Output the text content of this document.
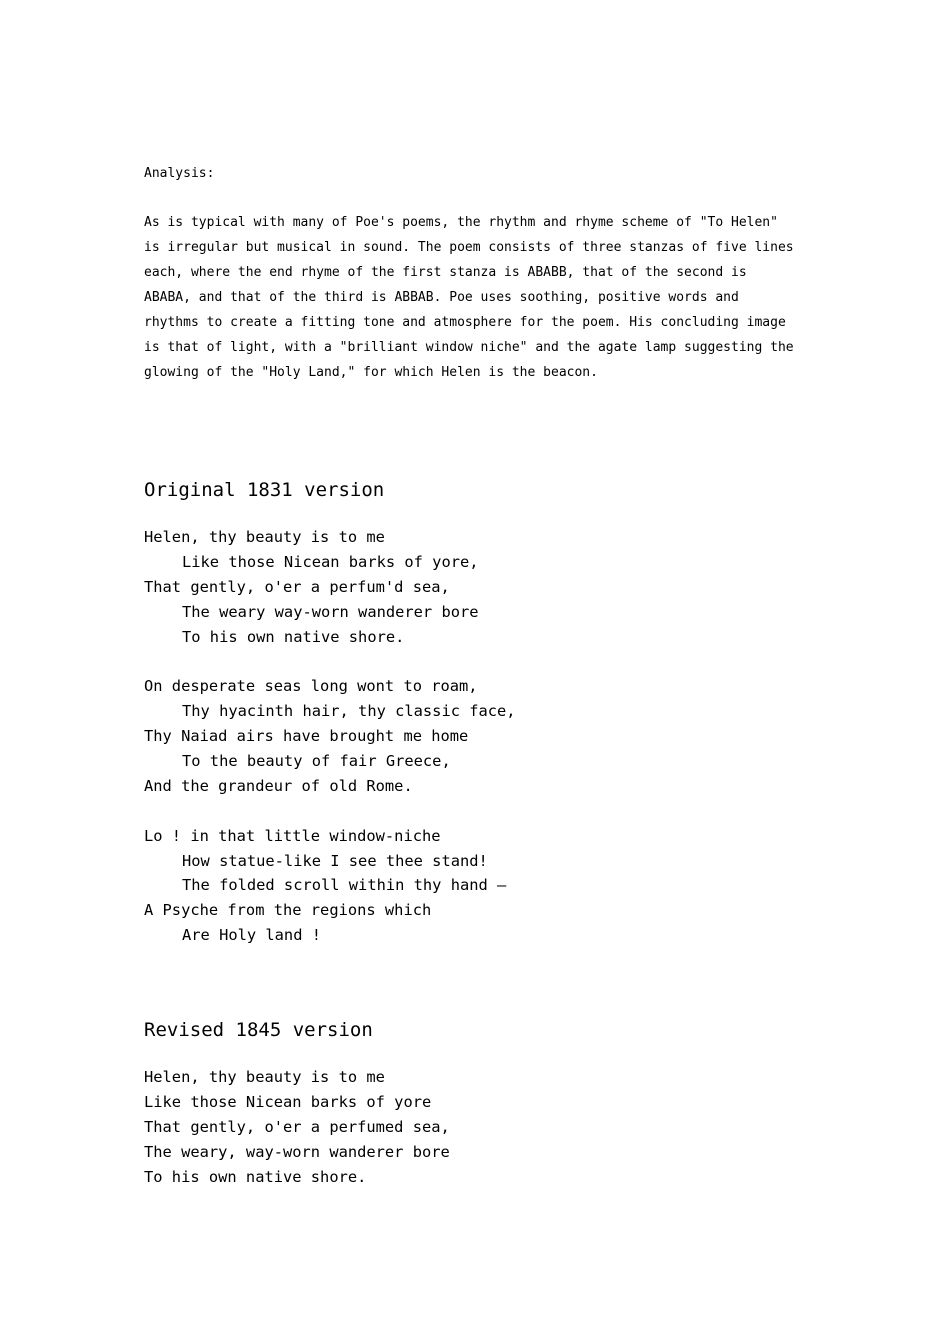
Analysis:
As is typical with many of Poe's poems, the rhythm and rhyme scheme of "To Helen"
is irregular but musical in sound. The poem consists of three stanzas of five lines
each, where the end rhyme of the first stanza is ABABB, that of the second is
ABABA, and that of the third is ABBAB. Poe uses soothing, positive words and
rhythms to create a fitting tone and atmosphere for the poem. His concluding image
is that of light, with a "brilliant window niche" and the agate lamp suggesting the
glowing of the "Holy Land," for which Helen is the beacon.
Original 1831 version
Helen, thy beauty is to me
Like those Nicean barks of yore,
That gently, o'er a perfum'd sea,
The weary way-worn wanderer bore
To his own native shore.
On desperate seas long wont to roam,
Thy hyacinth hair, thy classic face,
Thy Naiad airs have brought me home
To the beauty of fair Greece,
And the grandeur of old Rome.
Lo ! in that little window-niche
How statue-like I see thee stand!
The folded scroll within thy hand —
A Psyche from the regions which
Are Holy land !
Revised 1845 version
Helen, thy beauty is to me
Like those Nicean barks of yore
That gently, o'er a perfumed sea,
The weary, way-worn wanderer bore
To his own native shore.
